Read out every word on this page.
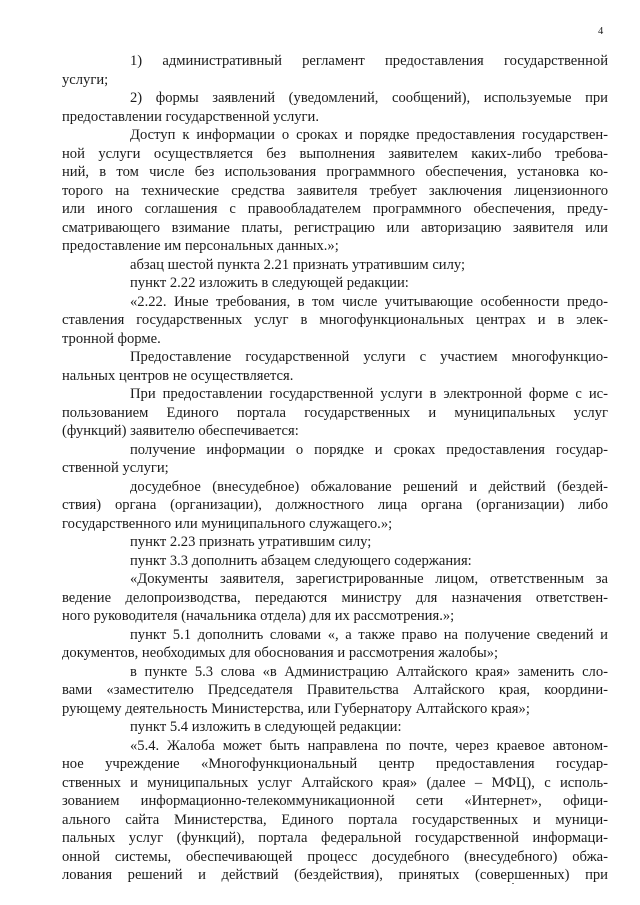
4
1) административный регламент предоставления государственной
услуги;
2) формы заявлений (уведомлений, сообщений), используемые при
предоставлении государственной услуги.
Доступ к информации о сроках и порядке предоставления государствен-
ной услуги осуществляется без выполнения заявителем каких-либо требова-
ний, в том числе без использования программного обеспечения, установка ко-
торого на технические средства заявителя требует заключения лицензионного
или иного соглашения с правообладателем программного обеспечения, преду-
сматривающего взимание платы, регистрацию или авторизацию заявителя или
предоставление им персональных данных.»;
абзац шестой пункта 2.21 признать утратившим силу;
пункт 2.22 изложить в следующей редакции:
«2.22. Иные требования, в том числе учитывающие особенности предо-
ставления государственных услуг в многофункциональных центрах и в элек-
тронной форме.
Предоставление государственной услуги с участием многофункцио-
нальных центров не осуществляется.
При предоставлении государственной услуги в электронной форме с ис-
пользованием Единого портала государственных и муниципальных услуг
(функций) заявителю обеспечивается:
получение информации о порядке и сроках предоставления государ-
ственной услуги;
досудебное (внесудебное) обжалование решений и действий (бездей-
ствия) органа (организации), должностного лица органа (организации) либо
государственного или муниципального служащего.»;
пункт 2.23 признать утратившим силу;
пункт 3.3 дополнить абзацем следующего содержания:
«Документы заявителя, зарегистрированные лицом, ответственным за
ведение делопроизводства, передаются министру для назначения ответствен-
ного руководителя (начальника отдела) для их рассмотрения.»;
пункт 5.1 дополнить словами «, а также право на получение сведений и
документов, необходимых для обоснования и рассмотрения жалобы»;
в пункте 5.3 слова «в Администрацию Алтайского края» заменить сло-
вами «заместителю Председателя Правительства Алтайского края, координи-
рующему деятельность Министерства, или Губернатору Алтайского края»;
пункт 5.4 изложить в следующей редакции:
«5.4. Жалоба может быть направлена по почте, через краевое автоном-
ное учреждение «Многофункциональный центр предоставления государ-
ственных и муниципальных услуг Алтайского края» (далее – МФЦ), с исполь-
зованием информационно-телекоммуникационной сети «Интернет», офици-
ального сайта Министерства, Единого портала государственных и муници-
пальных услуг (функций), портала федеральной государственной информаци-
онной системы, обеспечивающей процесс досудебного (внесудебного) обжа-
лования решений и действий (бездействия), принятых (совершенных) при
